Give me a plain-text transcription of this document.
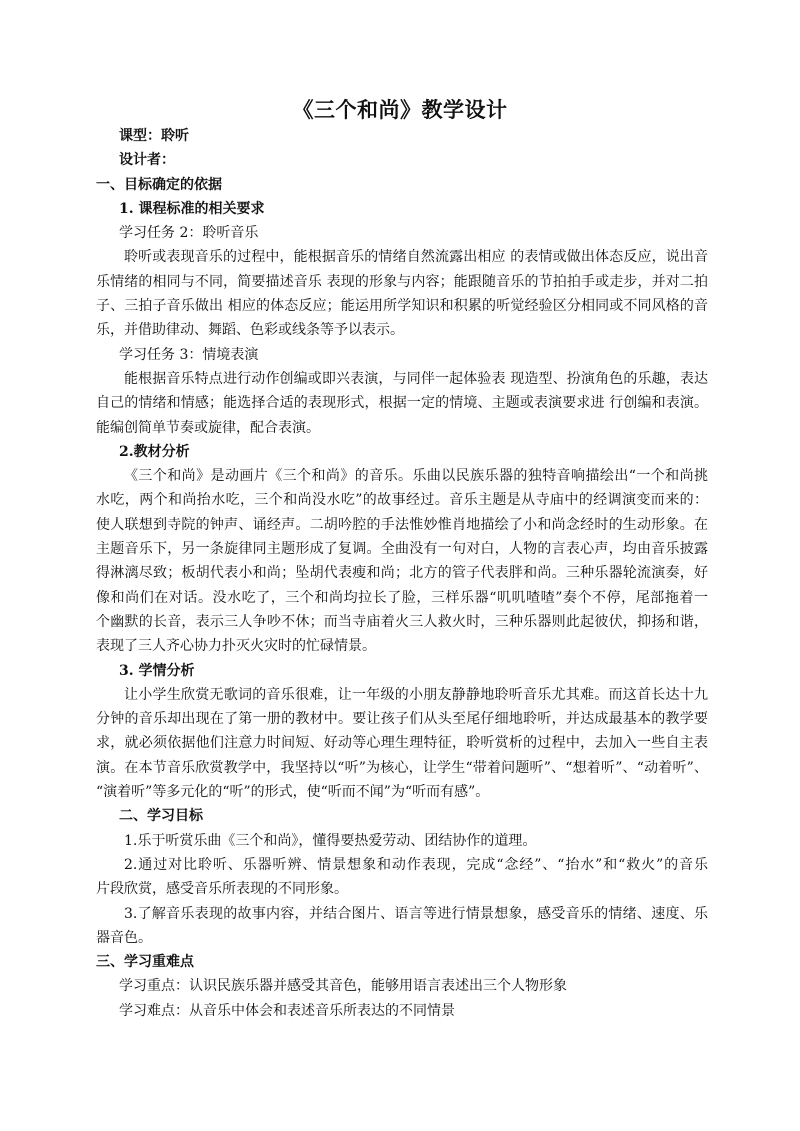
《三个和尚》教学设计
课型：聆听
设计者：
一、目标确定的依据
1. 课程标准的相关要求
学习任务 2：聆听音乐
聆听或表现音乐的过程中，能根据音乐的情绪自然流露出相应 的表情或做出体态反应，说出音
乐情绪的相同与不同，简要描述音乐 表现的形象与内容；能跟随音乐的节拍拍手或走步，并对二拍
子、三拍子音乐做出 相应的体态反应；能运用所学知识和积累的听觉经验区分相同或不同风格的音
乐，并借助律动、舞蹈、色彩或线条等予以表示。
学习任务 3：情境表演
能根据音乐特点进行动作创编或即兴表演，与同伴一起体验表 现造型、扮演角色的乐趣，表达
自己的情绪和情感；能选择合适的表现形式，根据一定的情境、主题或表演要求进 行创编和表演。
能编创简单节奏或旋律，配合表演。
2.教材分析
《三个和尚》是动画片《三个和尚》的音乐。乐曲以民族乐器的独特音响描绘出“一个和尚挑
水吃，两个和尚抬水吃，三个和尚没水吃”的故事经过。音乐主题是从寺庙中的经调演变而来的：
使人联想到寺院的钟声、诵经声。二胡吟腔的手法惟妙惟肖地描绘了小和尚念经时的生动形象。在
主题音乐下，另一条旋律同主题形成了复调。全曲没有一句对白，人物的言表心声，均由音乐披露
得淋漓尽致；板胡代表小和尚；坠胡代表瘦和尚；北方的管子代表胖和尚。三种乐器轮流演奏，好
像和尚们在对话。没水吃了，三个和尚均拉长了脸，三样乐器“叽叽喳喳”奏个不停，尾部拖着一
个幽默的长音，表示三人争吵不休；而当寺庙着火三人救火时，三种乐器则此起彼伏，抑扬和谐，
表现了三人齐心协力扑灭火灾时的忙碌情景。
3. 学情分析
让小学生欣赏无歌词的音乐很难，让一年级的小朋友静静地聆听音乐尤其难。而这首长达十九
分钟的音乐却出现在了第一册的教材中。要让孩子们从头至尾仔细地聆听，并达成最基本的教学要
求，就必须依据他们注意力时间短、好动等心理生理特征，聆听赏析的过程中，去加入一些自主表
演。在本节音乐欣赏教学中，我坚持以“听”为核心，让学生“带着问题听”、“想着听”、“动着听”、
“演着听”等多元化的“听”的形式，使“听而不闻”为“听而有感”。
二、学习目标
1.乐于听赏乐曲《三个和尚》，懂得要热爱劳动、团结协作的道理。
2.通过对比聆听、乐器听辨、情景想象和动作表现，完成“念经”、“抬水”和“救火”的音乐
片段欣赏，感受音乐所表现的不同形象。
3.了解音乐表现的故事内容，并结合图片、语言等进行情景想象，感受音乐的情绪、速度、乐
器音色。
三、学习重难点
学习重点：认识民族乐器并感受其音色，能够用语言表述出三个人物形象
学习难点：从音乐中体会和表述音乐所表达的不同情景
